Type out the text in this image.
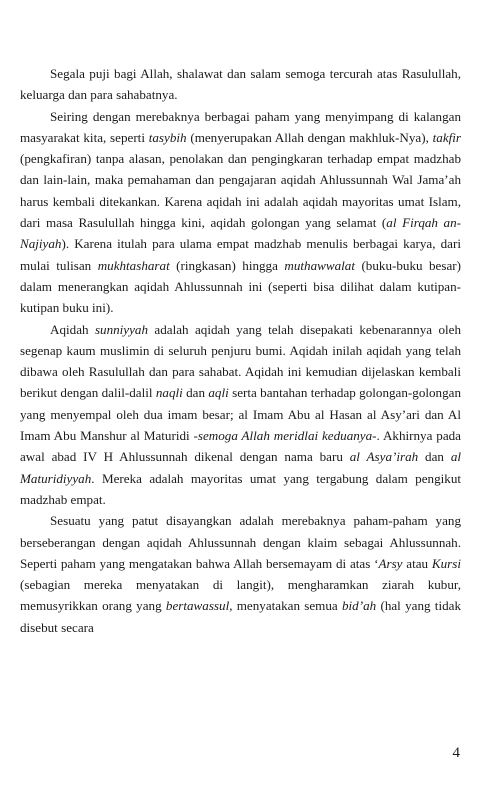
Segala puji bagi Allah, shalawat dan salam semoga tercurah atas Rasulullah, keluarga dan para sahabatnya.

Seiring dengan merebaknya berbagai paham yang menyimpang di kalangan masyarakat kita, seperti tasybih (menyerupakan Allah dengan makhluk-Nya), takfir (pengkafiran) tanpa alasan, penolakan dan pengingkaran terhadap empat madzhab dan lain-lain, maka pemahaman dan pengajaran aqidah Ahlussunnah Wal Jama’ah harus kembali ditekankan. Karena aqidah ini adalah aqidah mayoritas umat Islam, dari masa Rasulullah hingga kini, aqidah golongan yang selamat (al Firqah an-Najiyah). Karena itulah para ulama empat madzhab menulis berbagai karya, dari mulai tulisan mukhtasharat (ringkasan) hingga muthawwalat (buku-buku besar) dalam menerangkan aqidah Ahlussunnah ini (seperti bisa dilihat dalam kutipan-kutipan buku ini).

Aqidah sunniyyah adalah aqidah yang telah disepakati kebenarannya oleh segenap kaum muslimin di seluruh penjuru bumi. Aqidah inilah aqidah yang telah dibawa oleh Rasulullah dan para sahabat. Aqidah ini kemudian dijelaskan kembali berikut dengan dalil-dalil naqli dan aqli serta bantahan terhadap golongan-golongan yang menyempal oleh dua imam besar; al Imam Abu al Hasan al Asy’ari dan Al Imam Abu Manshur al Maturidi -semoga Allah meridlai keduanya-. Akhirnya pada awal abad IV H Ahlussunnah dikenal dengan nama baru al Asya’irah dan al Maturidiyyah. Mereka adalah mayoritas umat yang tergabung dalam pengikut madzhab empat.

Sesuatu yang patut disayangkan adalah merebaknya paham-paham yang berseberangan dengan aqidah Ahlussunnah dengan klaim sebagai Ahlussunnah. Seperti paham yang mengatakan bahwa Allah bersemayam di atas ‘Arsy atau Kursi (sebagian mereka menyatakan di langit), mengharamkan ziarah kubur, memusyrikkan orang yang bertawassul, menyatakan semua bid’ah (hal yang tidak disebut secara

4
